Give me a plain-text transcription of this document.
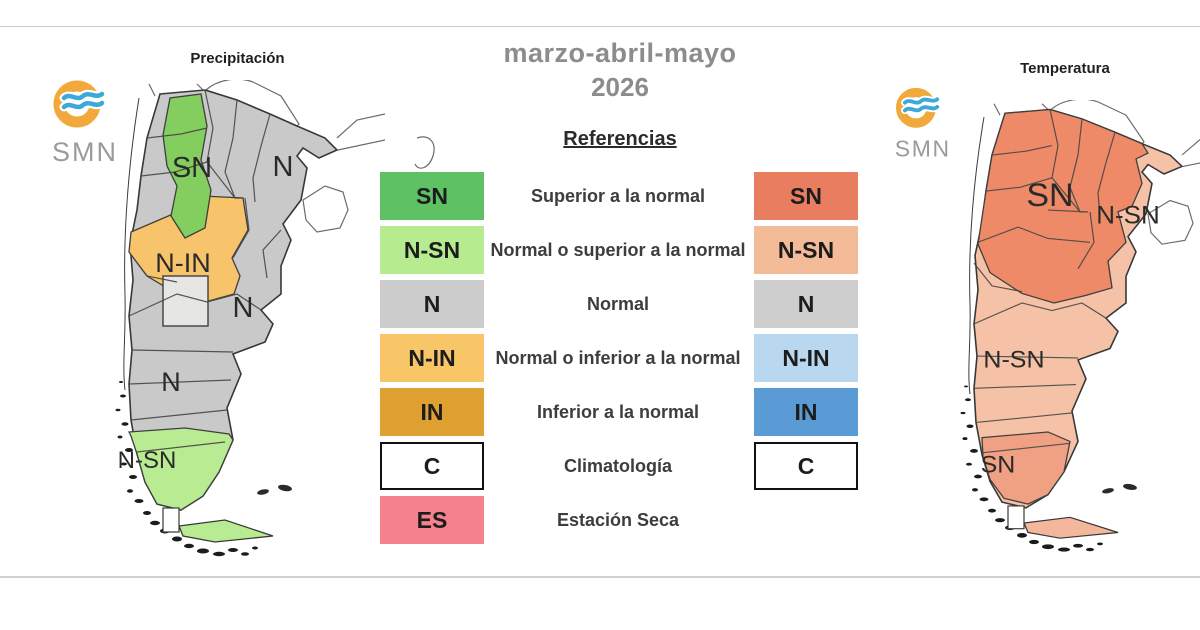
marzo-abril-mayo
2026
Referencias
Precipitación
Temperatura
SMN	SMN
SN N
N-IN
N
N
N-SN
SN
N-SN
N-SN
SN
SN
N-SN
N
N-IN
IN
C
ES
Superior a la normal
Normal o superior a la normal
Normal
Normal o inferior a la normal
Inferior a la normal
Climatología
Estación Seca
SN
N-SN
N
N-IN
IN
C
